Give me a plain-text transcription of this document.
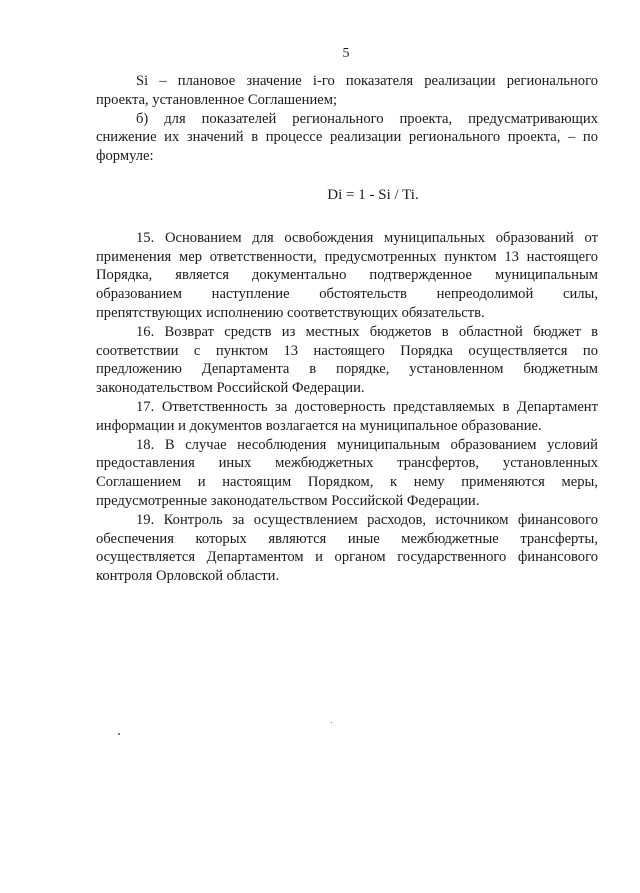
5

Si – плановое значение i-го показателя реализации регионального проекта, установленное Соглашением;

б) для показателей регионального проекта, предусматривающих снижение их значений в процессе реализации регионального проекта, – по формуле:

Di = 1 - Si / Ti.

15. Основанием для освобождения муниципальных образований от применения мер ответственности, предусмотренных пунктом 13 настоящего Порядка, является документально подтвержденное муниципальным образованием наступление обстоятельств непреодолимой силы, препятствующих исполнению соответствующих обязательств.

16. Возврат средств из местных бюджетов в областной бюджет в соответствии с пунктом 13 настоящего Порядка осуществляется по предложению Департамента в порядке, установленном бюджетным законодательством Российской Федерации.

17. Ответственность за достоверность представляемых в Департамент информации и документов возлагается на муниципальное образование.

18. В случае несоблюдения муниципальным образованием условий предоставления иных межбюджетных трансфертов, установленных Соглашением и настоящим Порядком, к нему применяются меры, предусмотренные законодательством Российской Федерации.

19. Контроль за осуществлением расходов, источником финансового обеспечения которых являются иные межбюджетные трансферты, осуществляется Департаментом и органом государственного финансового контроля Орловской области.
